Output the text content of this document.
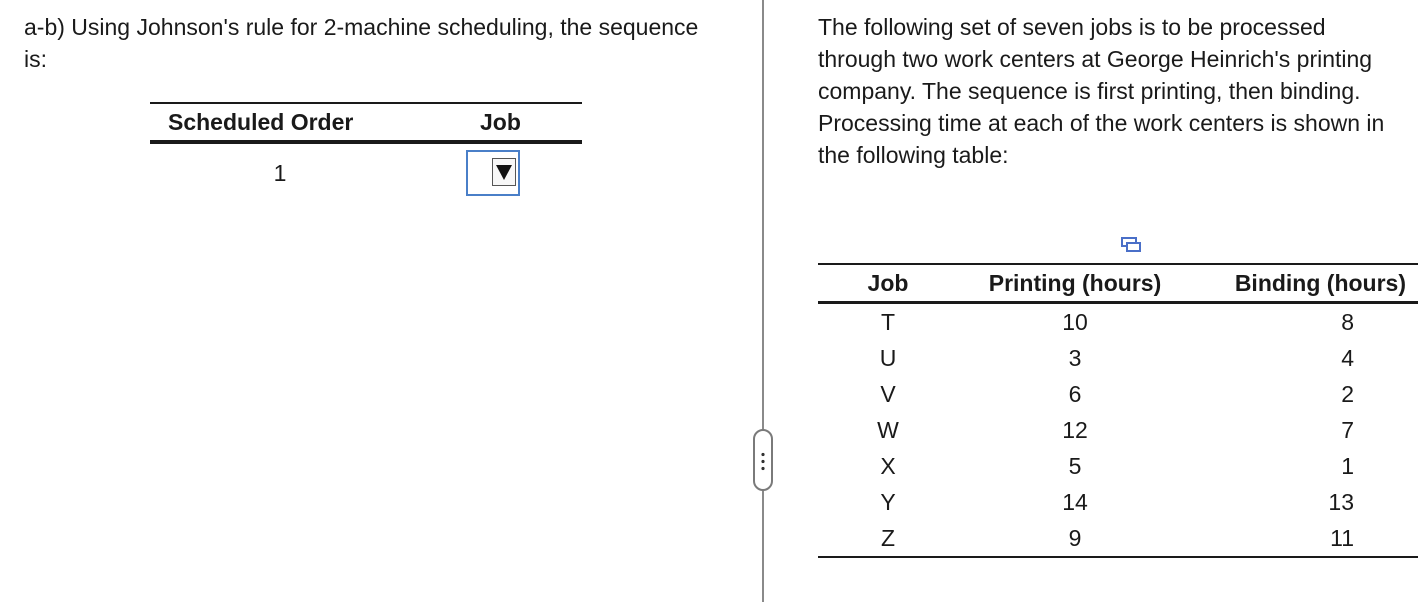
a-b) Using Johnson's rule for 2-machine scheduling, the sequence is:
Scheduled Order	Job
1	
The following set of seven jobs is to be processed through two work centers at George Heinrich's printing company. The sequence is first printing, then binding. Processing time at each of the work centers is shown in the following table:
Job	Printing (hours)	Binding (hours)
T	10	8
U	3	4
V	6	2
W	12	7
X	5	1
Y	14	13
Z	9	11
